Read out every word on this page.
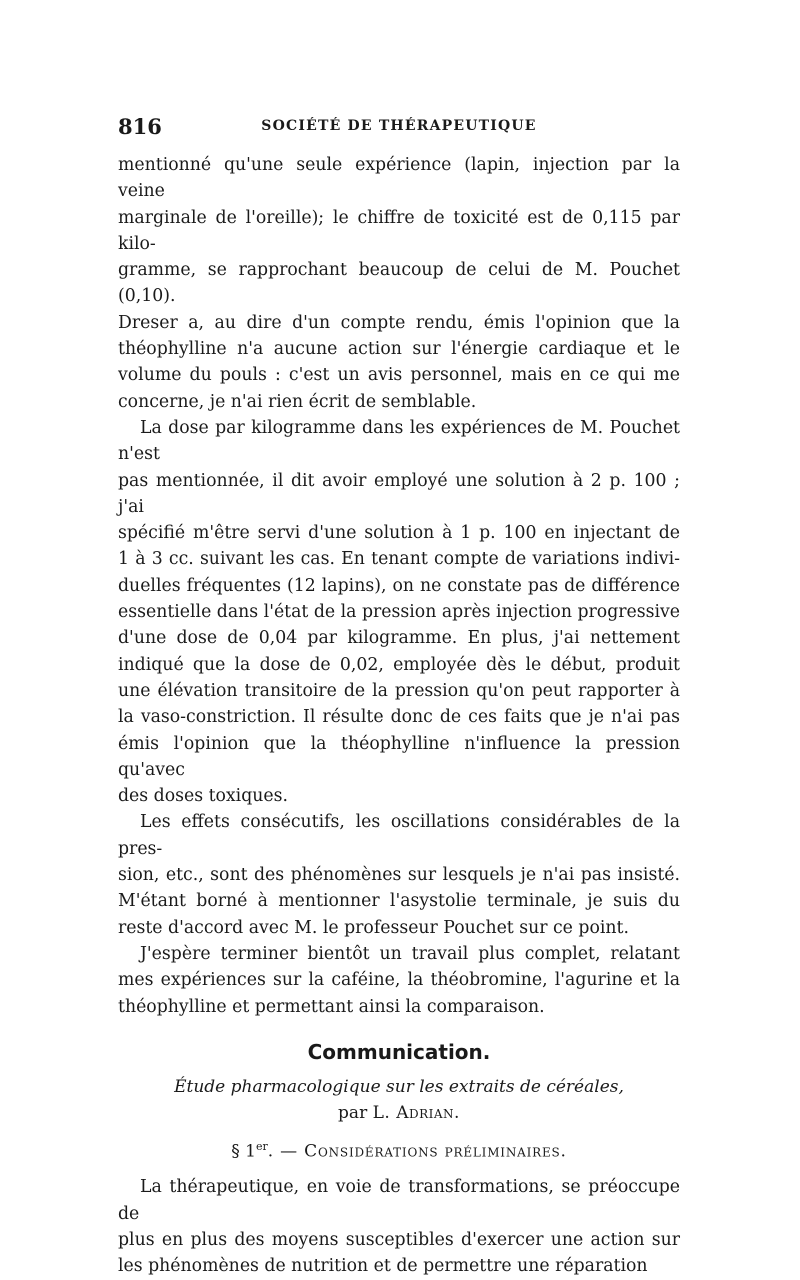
816	SOCIÉTÉ DE THÉRAPEUTIQUE
mentionné qu'une seule expérience (lapin, injection par la veine
marginale de l'oreille); le chiffre de toxicité est de 0,115 par kilo-
gramme, se rapprochant beaucoup de celui de M. Pouchet (0,10).
Dreser a, au dire d'un compte rendu, émis l'opinion que la
théophylline n'a aucune action sur l'énergie cardiaque et le
volume du pouls : c'est un avis personnel, mais en ce qui me
concerne, je n'ai rien écrit de semblable.
La dose par kilogramme dans les expériences de M. Pouchet n'est
pas mentionnée, il dit avoir employé une solution à 2 p. 100 ; j'ai
spécifié m'être servi d'une solution à 1 p. 100 en injectant de
1 à 3 cc. suivant les cas. En tenant compte de variations indivi-
duelles fréquentes (12 lapins), on ne constate pas de différence
essentielle dans l'état de la pression après injection progressive
d'une dose de 0,04 par kilogramme. En plus, j'ai nettement
indiqué que la dose de 0,02, employée dès le début, produit
une élévation transitoire de la pression qu'on peut rapporter à
la vaso-constriction. Il résulte donc de ces faits que je n'ai pas
émis l'opinion que la théophylline n'influence la pression qu'avec
des doses toxiques.
Les effets consécutifs, les oscillations considérables de la pres-
sion, etc., sont des phénomènes sur lesquels je n'ai pas insisté.
M'étant borné à mentionner l'asystolie terminale, je suis du
reste d'accord avec M. le professeur Pouchet sur ce point.
J'espère terminer bientôt un travail plus complet, relatant
mes expériences sur la caféine, la théobromine, l'agurine et la
théophylline et permettant ainsi la comparaison.
Communication.

Étude pharmacologique sur les extraits de céréales,

par L. Adrian.

§ 1er. — Considérations préliminaires.

La thérapeutique, en voie de transformations, se préoccupe de
plus en plus des moyens susceptibles d'exercer une action sur
les phénomènes de nutrition et de permettre une réparation
